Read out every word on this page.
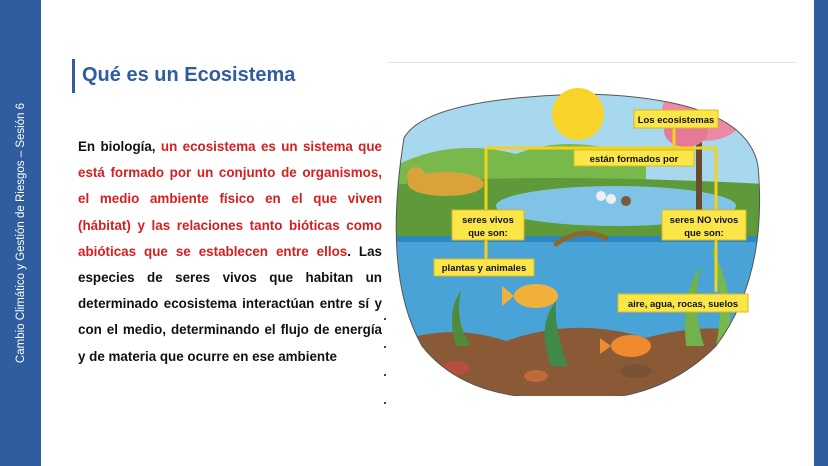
Cambio Climático y Gestión de Riesgos – Sesión 6
Qué es un Ecosistema
En biología, un ecosistema es un sistema que está formado por un conjunto de organismos, el medio ambiente físico en el que viven (hábitat) y las relaciones tanto bióticas como abióticas que se establecen entre ellos. Las especies de seres vivos que habitan un determinado ecosistema interactúan entre sí y con el medio, determinando el flujo de energía y de materia que ocurre en ese ambiente
Los ecosistemas
están formados por
seres vivos
que son:
seres NO vivos
que son:
plantas y animales
aire, agua, rocas, suelos
